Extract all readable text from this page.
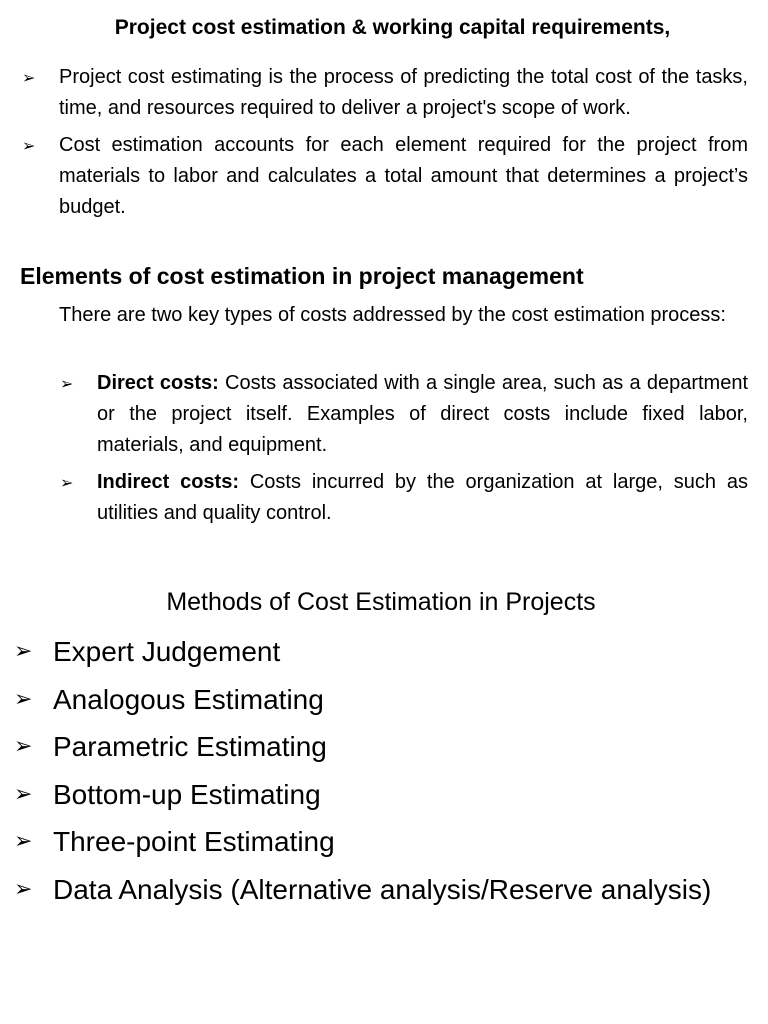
Project cost estimation & working capital requirements,
➢ Project cost estimating is the process of predicting the total cost of the tasks, time, and resources required to deliver a project's scope of work.
➢ Cost estimation accounts for each element required for the project from materials to labor and calculates a total amount that determines a project’s budget.
Elements of cost estimation in project management
There are two key types of costs addressed by the cost estimation process:
➢ Direct costs: Costs associated with a single area, such as a department or the project itself. Examples of direct costs include fixed labor, materials, and equipment.
➢ Indirect costs: Costs incurred by the organization at large, such as utilities and quality control.
Methods of Cost Estimation in Projects
➢ Expert Judgement
➢ Analogous Estimating
➢ Parametric Estimating
➢ Bottom-up Estimating
➢ Three-point Estimating
➢ Data Analysis (Alternative analysis/Reserve analysis)
